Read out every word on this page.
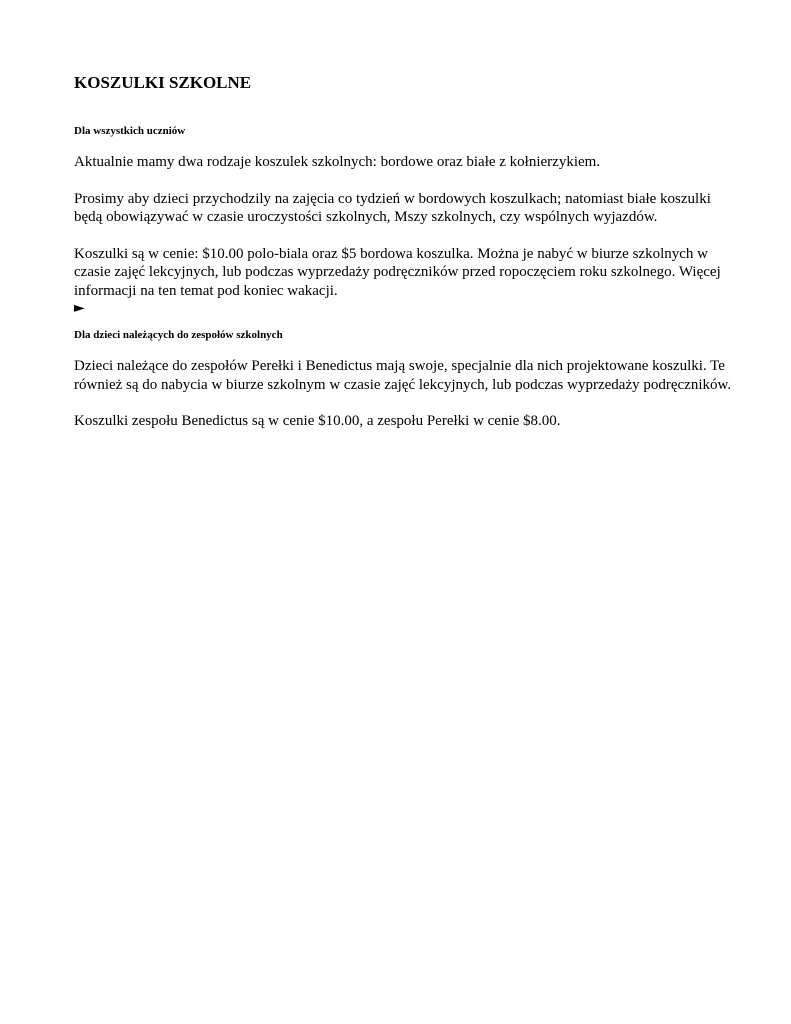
KOSZULKI SZKOLNE

Dla wszystkich uczniów

Aktualnie mamy dwa rodzaje koszulek szkolnych: bordowe oraz białe z kołnierzykiem.

Prosimy aby dzieci przychodzily na zajęcia co tydzień w bordowych koszulkach; natomiast białe koszulki będą obowiązywać w czasie uroczystości szkolnych, Mszy szkolnych, czy wspólnych wyjazdów.

Koszulki są w cenie: $10.00 polo-biala oraz $5 bordowa koszulka. Można je nabyć w biurze szkolnych w czasie zajęć lekcyjnych, lub podczas wyprzedaży podręczników przed ropoczęciem roku szkolnego. Więcej informacji na ten temat pod koniec wakacji.

►

Dla dzieci należących do zespołów szkolnych

Dzieci należące do zespołów Perełki i Benedictus mają swoje, specjalnie dla nich projektowane koszulki. Te również są do nabycia w biurze szkolnym w czasie zajęć lekcyjnych, lub podczas wyprzedaży podręczników.

Koszulki zespołu Benedictus są w cenie $10.00, a zespołu Perełki w cenie $8.00.
